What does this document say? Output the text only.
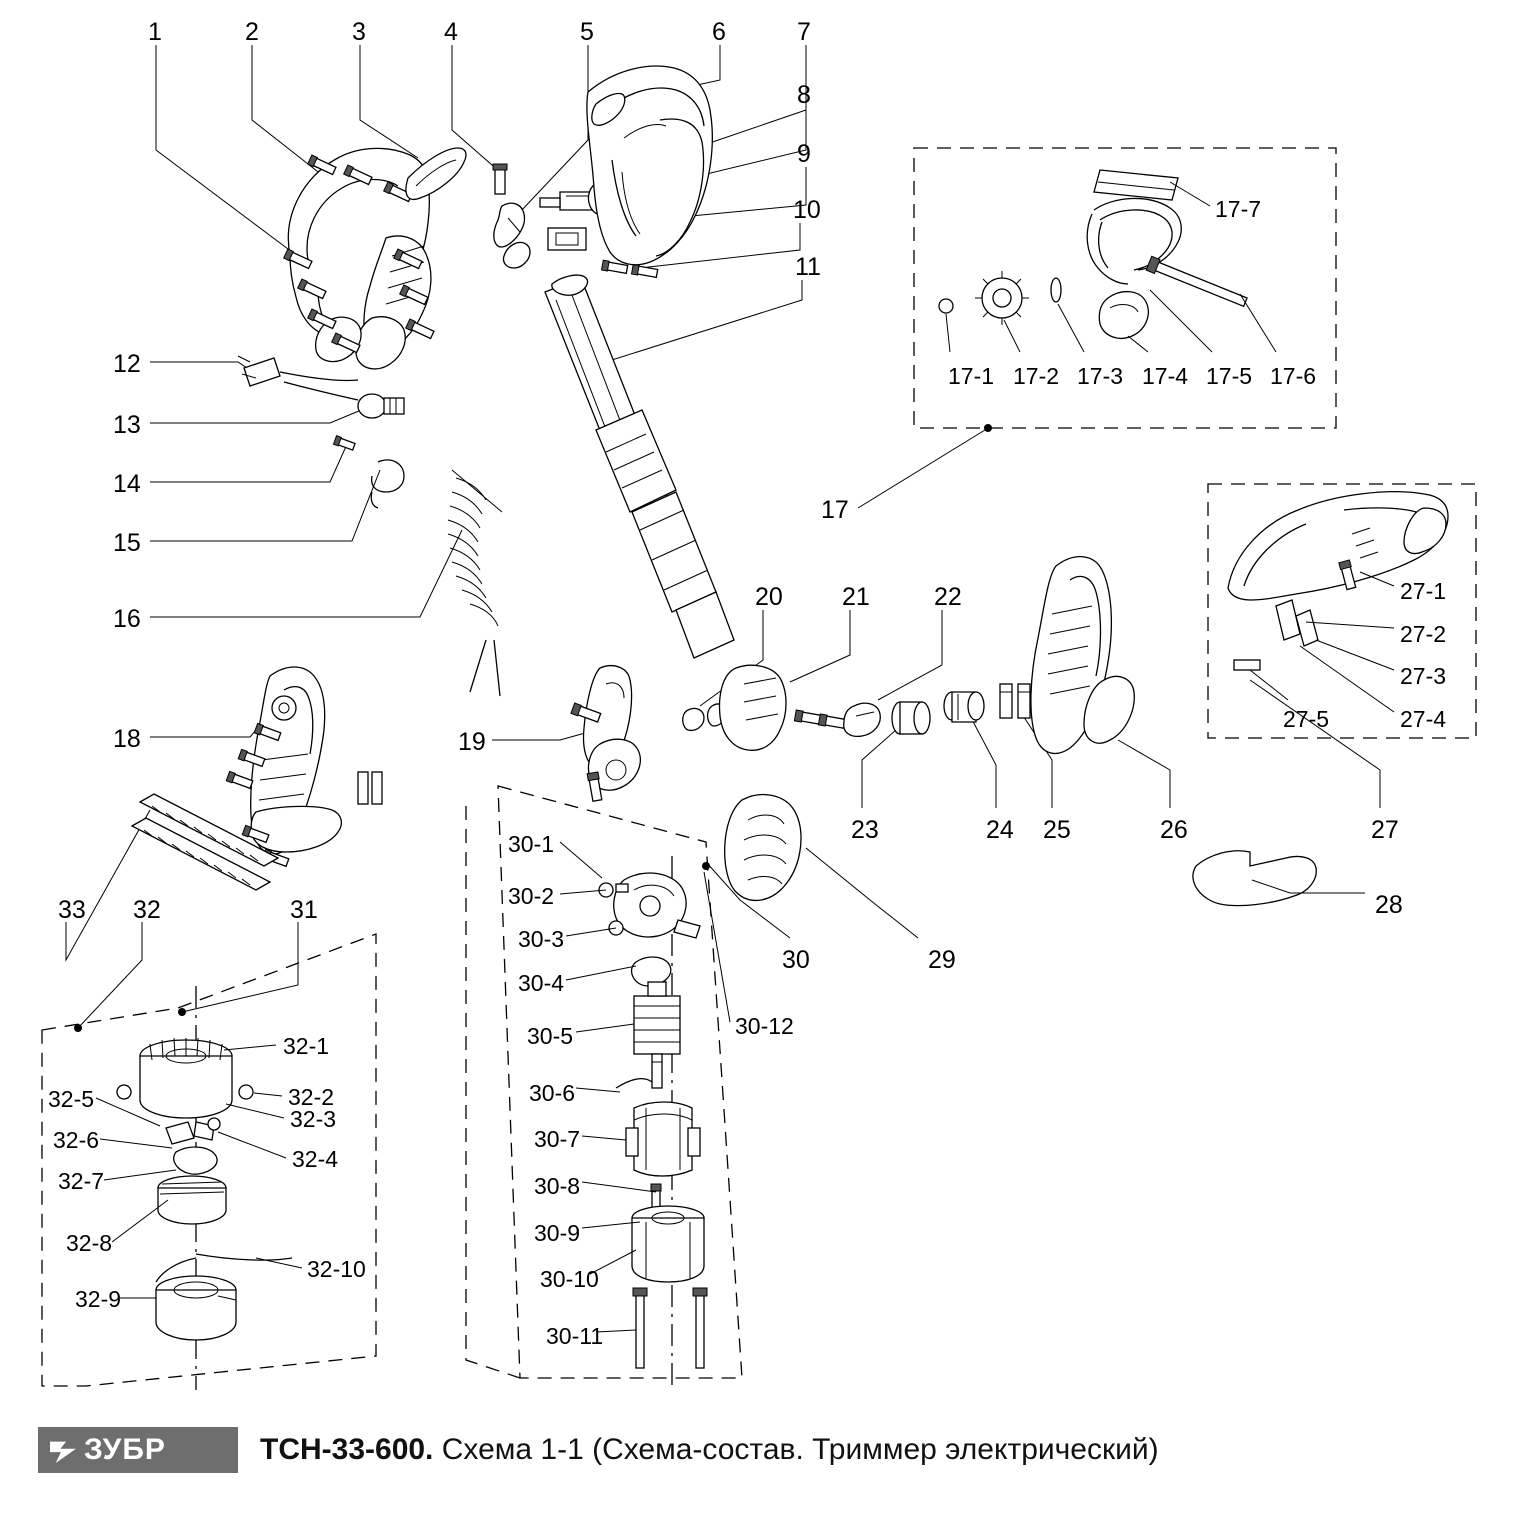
1	2	3	4	5	6	7
8
9
10
11
12
13
14
15
16
17
18	19
20 21	22
23	24 25	26	27
28
29
30
31
32
33
17-1 17-2 17-3 17-4 17-5 17-6
17-7
27-1
27-2
27-3
27-4
27-5
32-1
32-2
32-3
32-4
32-5
32-6
32-7
32-8
32-9
32-10
30-1
30-2
30-3
30-4
30-5
30-6
30-7
30-8
30-9
30-10
30-11
30-12
ЗУБР	ТСН-33-600. Схема 1-1 (Схема-состав. Триммер электрический)
